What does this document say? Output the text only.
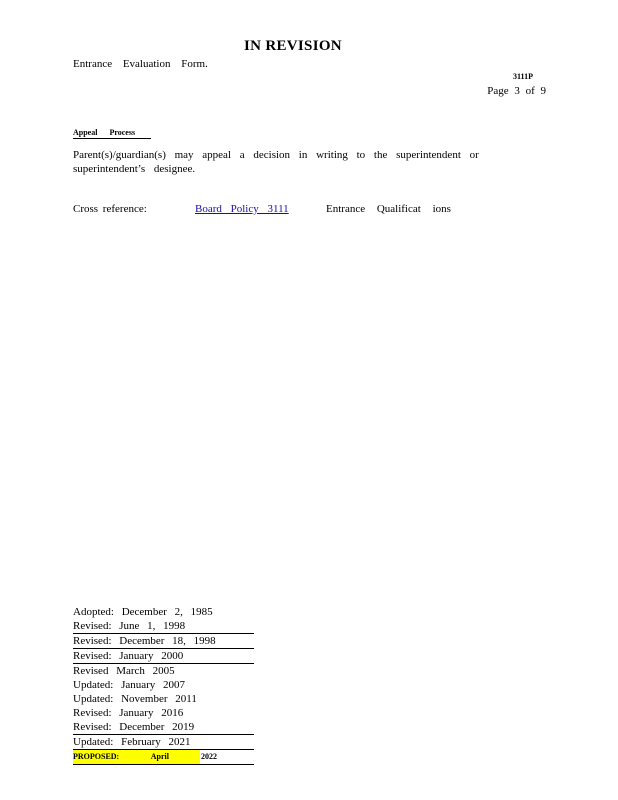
IN REVISION
Entrance Evaluation Form.
3111P
Page 3 of 9
Appeal Process
Parent(s)/guardian(s) may appeal a decision in writing to the superintendent or superintendent’s designee.
Cross reference:	Board Policy 3111	Entrance Qualificat ions
Adopted: December 2, 1985
Revised: June 1, 1998
Revised: December 18, 1998
Revised: January 2000
Revised March 2005
Updated: January 2007
Updated: November 2011
Revised: January 2016
Revised: December 2019
Updated: February 2021
PROPOSED: April 2022
